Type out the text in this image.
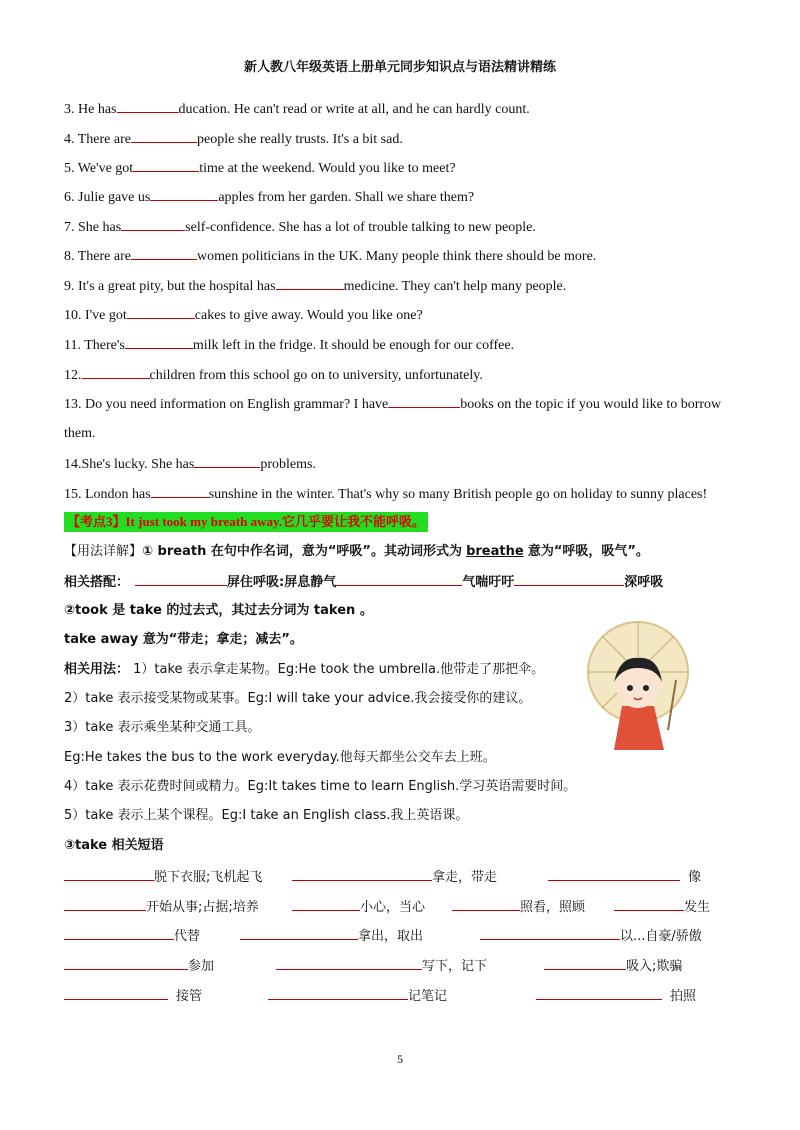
新人教八年级英语上册单元同步知识点与语法精讲精练
3. He has	ducation. He can't read or write at all, and he can hardly count.
4. There are	people she really trusts. It's a bit sad.
5. We've got	time at the weekend. Would you like to meet?
6. Julie gave us	apples from her garden. Shall we share them?
7. She has	self-confidence. She has a lot of trouble talking to new people.
8. There are	women politicians in the UK. Many people think there should be more.
9. It's a great pity, but the hospital has	medicine. They can't help many people.
10. I've got	cakes to give away. Would you like one?
11. There's	milk left in the fridge. It should be enough for our coffee.
12.	children from this school go on to university, unfortunately.
13. Do you need information on English grammar? I have	books on the topic if you would like to borrow
them.
14.She's lucky. She has	problems.
15. London has	sunshine in the winter. That's why so many British people go on holiday to sunny places!
【考点3】It just took my breath away.它几乎要让我不能呼吸。
【用法详解】① breath 在句中作名词，意为“呼吸”。其动词形式为 breathe 意为“呼吸，吸气”。
相关搭配：	屏住呼吸:屏息静气	气喘吁吁	深呼吸
②took 是 take 的过去式，其过去分词为 taken 。
take away 意为“带走；拿走；减去”。
相关用法： 1）take 表示拿走某物。Eg:He took the umbrella.他带走了那把伞。
2）take 表示接受某物或某事。Eg:I will take your advice.我会接受你的建议。
3）take 表示乘坐某种交通工具。
Eg:He takes the bus to the work everyday.他每天都坐公交车去上班。
4）take 表示花费时间或精力。Eg:It takes time to learn English.学习英语需要时间。
5）take 表示上某个课程。Eg:I take an English class.我上英语课。
③take 相关短语
脱下衣服;飞机起飞	拿走，带走	像
开始从事;占据;培养	小心，当心	照看，照顾	发生
代替	拿出，取出	以...自豪/骄傲
参加	写下，记下	吸入;欺骗
接管	记笔记	拍照
5
